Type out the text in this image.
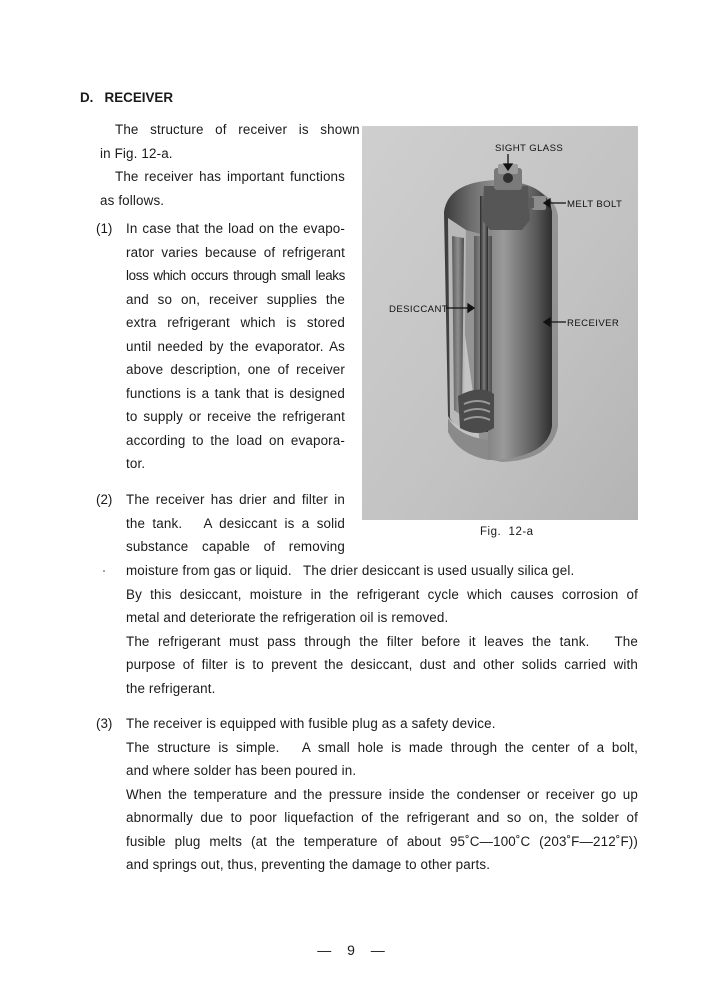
D.   RECEIVER
The   structure   of   receiver   is   shown
in Fig. 12-a.
The receiver has important functions
as follows.
(1) In case that the load on the evapo-
rator varies because of refrigerant
loss which occurs through small leaks
and so on, receiver supplies the
extra refrigerant which is stored
until needed by the evaporator. As
above description, one of receiver
functions is a tank that is designed
to supply or receive the refrigerant
according to the load on evapora-
tor.
(2) The receiver has drier and filter in
the tank.   A desiccant is a solid
substance capable of removing
moisture from gas or liquid.   The drier desiccant is used usually silica gel.
By this desiccant, moisture in the refrigerant cycle which causes corrosion of
metal and deteriorate the refrigeration oil is removed.
The refrigerant must pass through the filter before it leaves the tank.   The
purpose of filter is to prevent the desiccant, dust and other solids carried with
the refrigerant.
(3) The receiver is equipped with fusible plug as a safety device.
The structure is simple.   A small hole is made through the center of a bolt,
and where solder has been poured in.
When the temperature and the pressure inside the condenser or receiver go up
abnormally due to poor liquefaction of the refrigerant and so on, the solder of
fusible plug melts (at the temperature of about 95˚C—100˚C (203˚F—212˚F))
and springs out, thus, preventing the damage to other parts.
SIGHT GLASS
MELT BOLT
DESICCANT
RECEIVER
Fig.  12-a
— 9 —
